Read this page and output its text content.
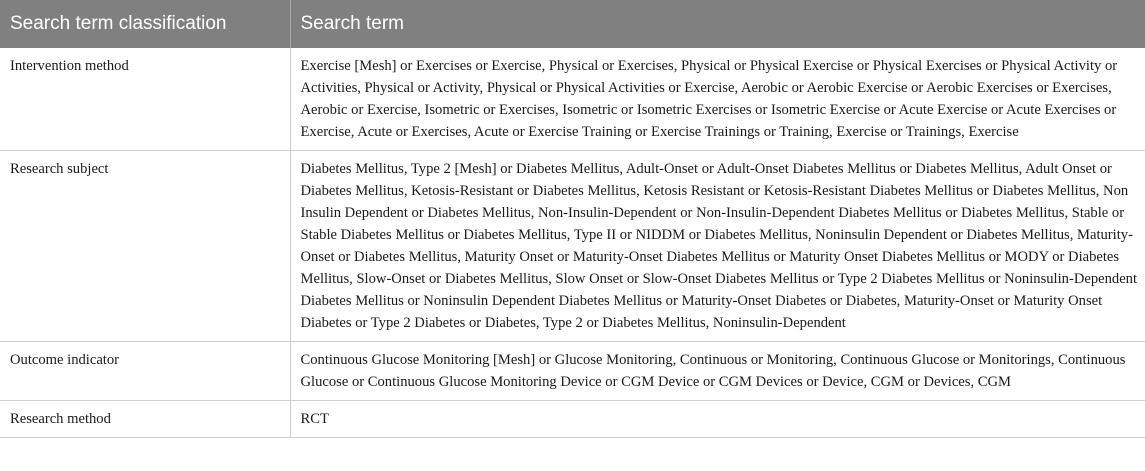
Search term classification	Search term
Intervention method	Exercise [Mesh] or Exercises or Exercise, Physical or Exercises, Physical or Physical Exercise or Physical Exercises or Physical Activity or Activities, Physical or Activity, Physical or Physical Activities or Exercise, Aerobic or Aerobic Exercise or Aerobic Exercises or Exercises, Aerobic or Exercise, Isometric or Exercises, Isometric or Isometric Exercises or Isometric Exercise or Acute Exercise or Acute Exercises or Exercise, Acute or Exercises, Acute or Exercise Training or Exercise Trainings or Training, Exercise or Trainings, Exercise
Research subject	Diabetes Mellitus, Type 2 [Mesh] or Diabetes Mellitus, Adult-Onset or Adult-Onset Diabetes Mellitus or Diabetes Mellitus, Adult Onset or Diabetes Mellitus, Ketosis-Resistant or Diabetes Mellitus, Ketosis Resistant or Ketosis-Resistant Diabetes Mellitus or Diabetes Mellitus, Non Insulin Dependent or Diabetes Mellitus, Non-Insulin-Dependent or Non-Insulin-Dependent Diabetes Mellitus or Diabetes Mellitus, Stable or Stable Diabetes Mellitus or Diabetes Mellitus, Type II or NIDDM or Diabetes Mellitus, Noninsulin Dependent or Diabetes Mellitus, Maturity-Onset or Diabetes Mellitus, Maturity Onset or Maturity-Onset Diabetes Mellitus or Maturity Onset Diabetes Mellitus or MODY or Diabetes Mellitus, Slow-Onset or Diabetes Mellitus, Slow Onset or Slow-Onset Diabetes Mellitus or Type 2 Diabetes Mellitus or Noninsulin-Dependent Diabetes Mellitus or Noninsulin Dependent Diabetes Mellitus or Maturity-Onset Diabetes or Diabetes, Maturity-Onset or Maturity Onset Diabetes or Type 2 Diabetes or Diabetes, Type 2 or Diabetes Mellitus, Noninsulin-Dependent
Outcome indicator	Continuous Glucose Monitoring [Mesh] or Glucose Monitoring, Continuous or Monitoring, Continuous Glucose or Monitorings, Continuous Glucose or Continuous Glucose Monitoring Device or CGM Device or CGM Devices or Device, CGM or Devices, CGM
Research method	RCT
